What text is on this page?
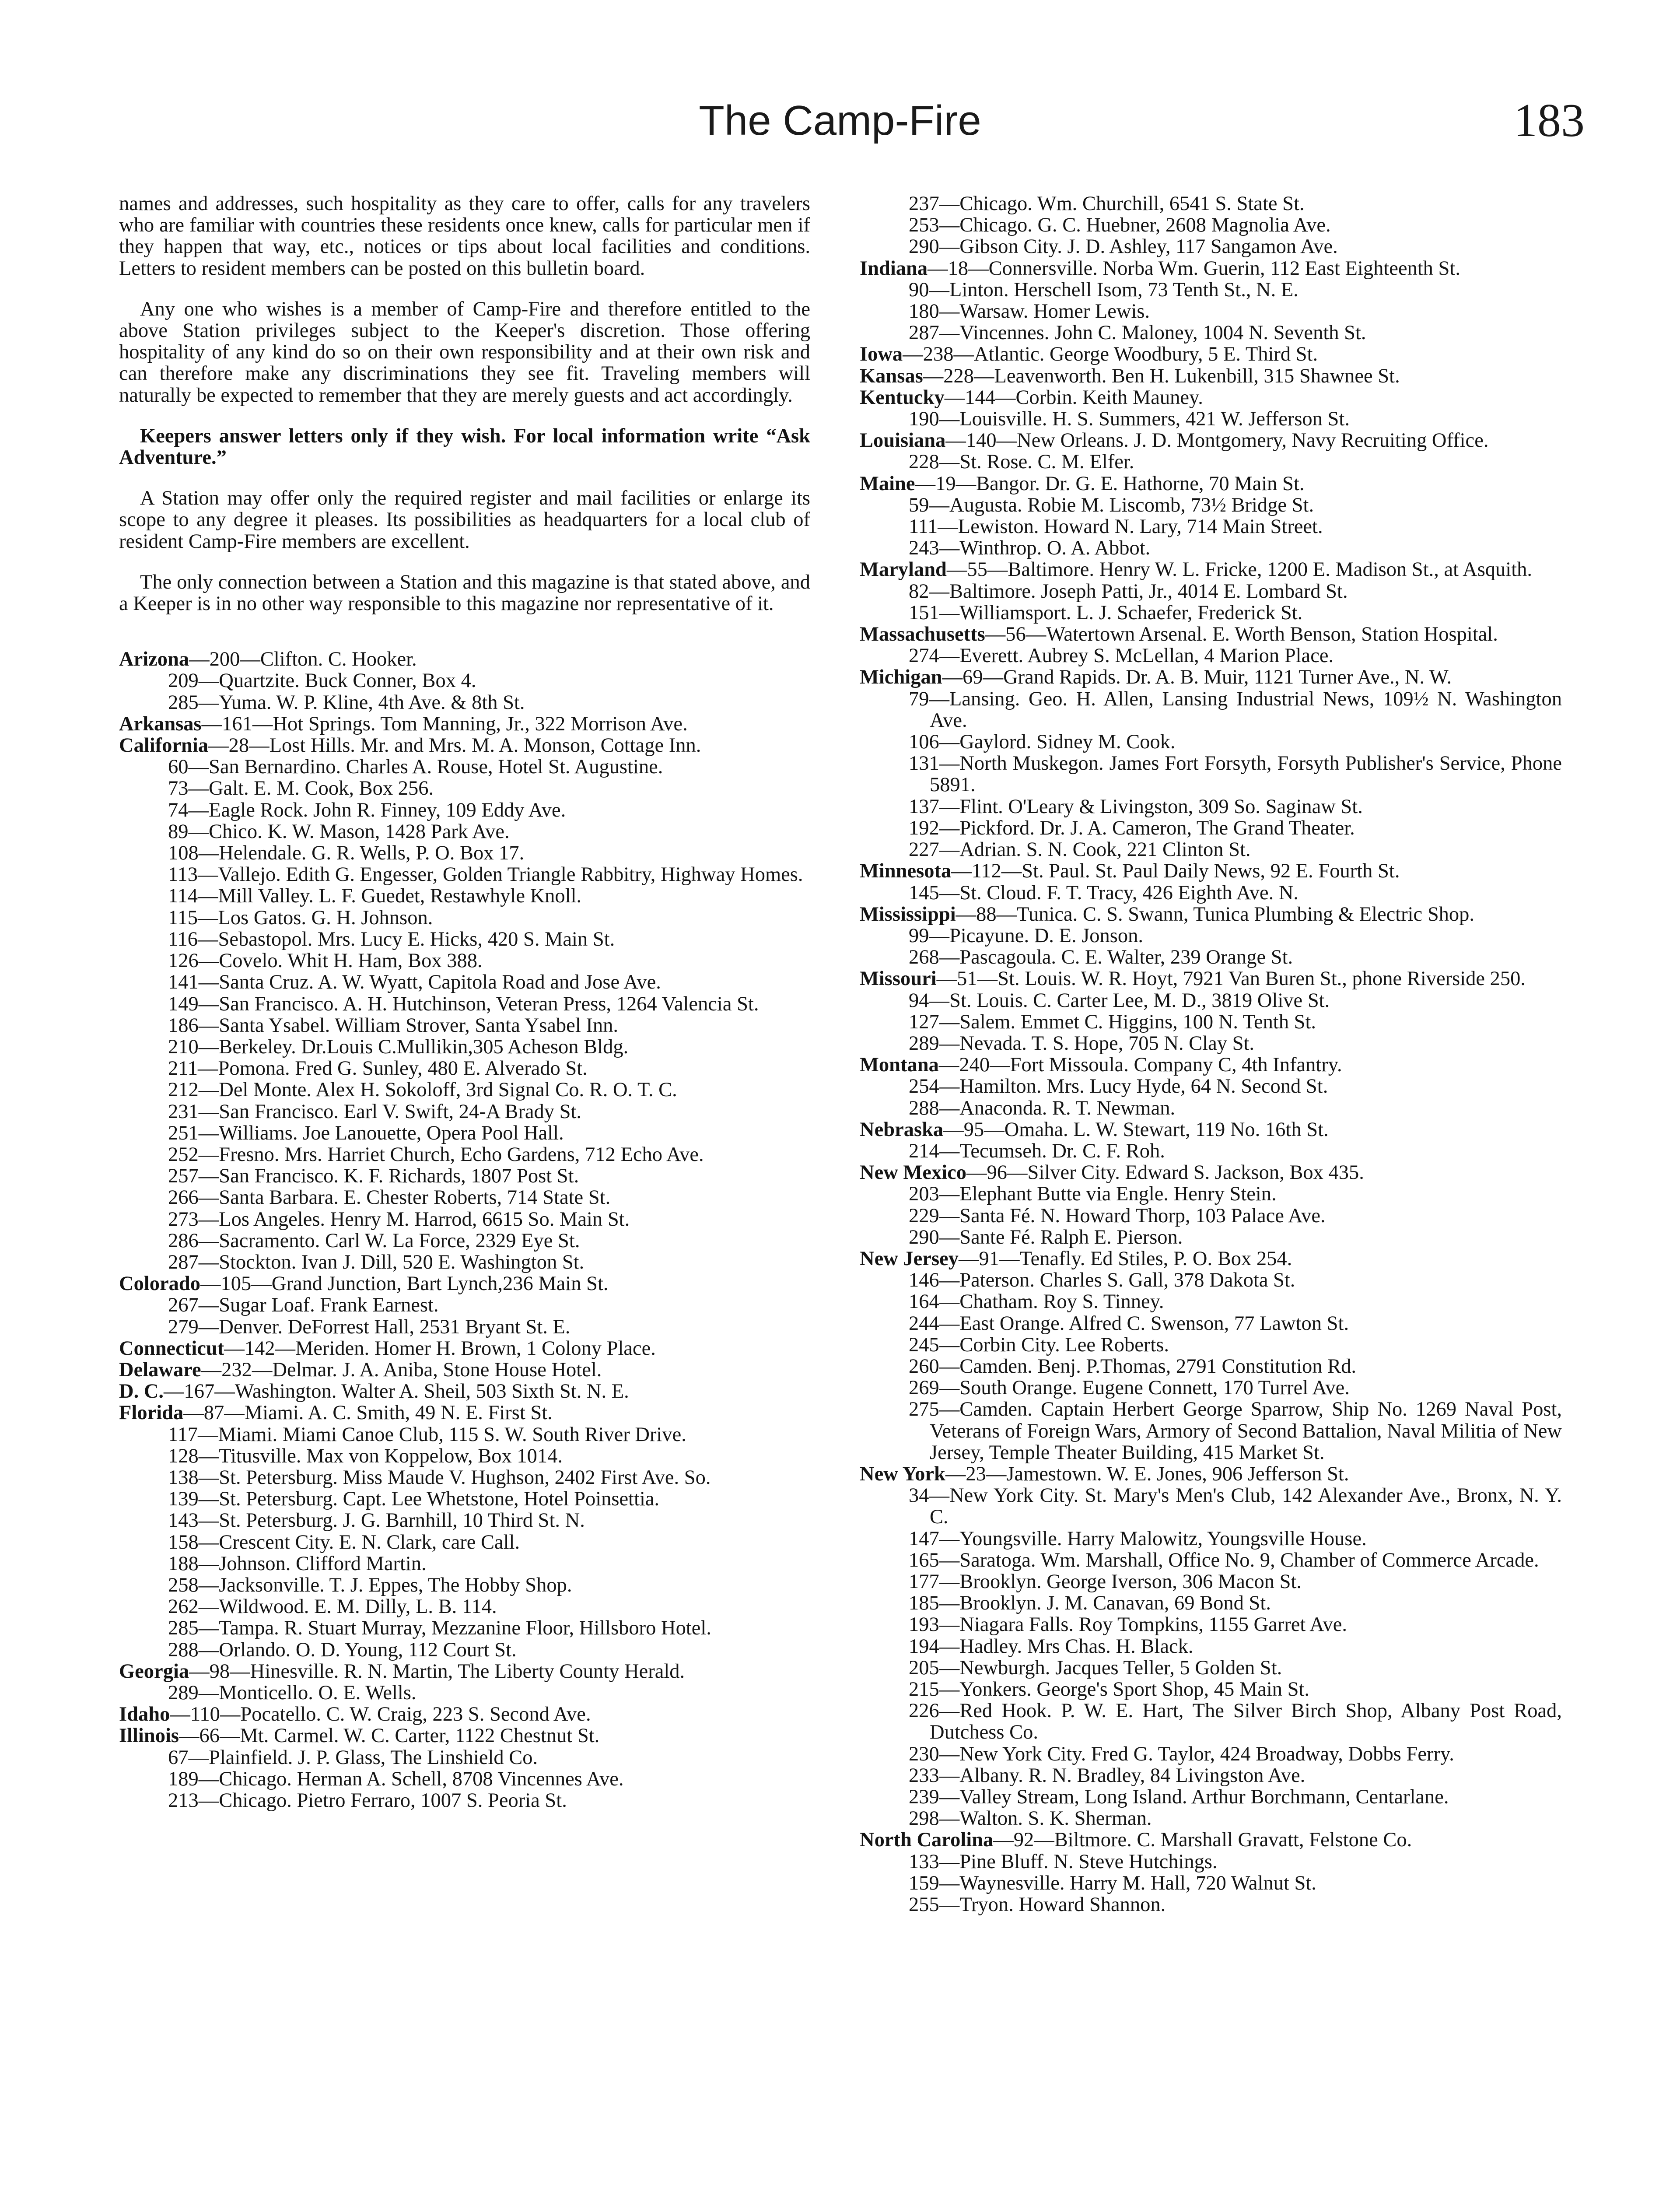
The Camp-Fire	183

names and addresses, such hospitality as they care to offer, calls for any travelers who are familiar with countries these residents once knew, calls for particular men if they happen that way, etc., notices or tips about local facilities and conditions. Letters to resident members can be posted on this bulletin board.

Any one who wishes is a member of Camp-Fire and therefore entitled to the above Station privileges subject to the Keeper's discretion. Those offering hospitality of any kind do so on their own responsibility and at their own risk and can therefore make any discriminations they see fit. Traveling members will naturally be expected to remember that they are merely guests and act accordingly.

Keepers answer letters only if they wish. For local information write “Ask Adventure.”

A Station may offer only the required register and mail facilities or enlarge its scope to any degree it pleases. Its possibilities as headquarters for a local club of resident Camp-Fire members are excellent.

The only connection between a Station and this magazine is that stated above, and a Keeper is in no other way responsible to this magazine nor representative of it.

Arizona—200—Clifton. C. Hooker.

209—Quartzite. Buck Conner, Box 4.

285—Yuma. W. P. Kline, 4th Ave. & 8th St.

Arkansas—161—Hot Springs. Tom Manning, Jr., 322 Morrison Ave.

California—28—Lost Hills. Mr. and Mrs. M. A. Monson, Cottage Inn.

60—San Bernardino. Charles A. Rouse, Hotel St. Augustine.

73—Galt. E. M. Cook, Box 256.

74—Eagle Rock. John R. Finney, 109 Eddy Ave.

89—Chico. K. W. Mason, 1428 Park Ave.

108—Helendale. G. R. Wells, P. O. Box 17.

113—Vallejo. Edith G. Engesser, Golden Triangle Rabbitry, Highway Homes.

114—Mill Valley. L. F. Guedet, Restawhyle Knoll.

115—Los Gatos. G. H. Johnson.

116—Sebastopol. Mrs. Lucy E. Hicks, 420 S. Main St.

126—Covelo. Whit H. Ham, Box 388.

141—Santa Cruz. A. W. Wyatt, Capitola Road and Jose Ave.

149—San Francisco. A. H. Hutchinson, Veteran Press, 1264 Valencia St.

186—Santa Ysabel. William Strover, Santa Ysabel Inn.

210—Berkeley. Dr.Louis C.Mullikin,305 Acheson Bldg.

211—Pomona. Fred G. Sunley, 480 E. Alverado St.

212—Del Monte. Alex H. Sokoloff, 3rd Signal Co. R. O. T. C.

231—San Francisco. Earl V. Swift, 24-A Brady St.

251—Williams. Joe Lanouette, Opera Pool Hall.

252—Fresno. Mrs. Harriet Church, Echo Gardens, 712 Echo Ave.

257—San Francisco. K. F. Richards, 1807 Post St.

266—Santa Barbara. E. Chester Roberts, 714 State St.

273—Los Angeles. Henry M. Harrod, 6615 So. Main St.

286—Sacramento. Carl W. La Force, 2329 Eye St.

287—Stockton. Ivan J. Dill, 520 E. Washington St.

Colorado—105—Grand Junction, Bart Lynch,236 Main St.

267—Sugar Loaf. Frank Earnest.

279—Denver. DeForrest Hall, 2531 Bryant St. E.

Connecticut—142—Meriden. Homer H. Brown, 1 Colony Place.

Delaware—232—Delmar. J. A. Aniba, Stone House Hotel.

D. C.—167—Washington. Walter A. Sheil, 503 Sixth St. N. E.

Florida—87—Miami. A. C. Smith, 49 N. E. First St.

117—Miami. Miami Canoe Club, 115 S. W. South River Drive.

128—Titusville. Max von Koppelow, Box 1014.

138—St. Petersburg. Miss Maude V. Hughson, 2402 First Ave. So.

139—St. Petersburg. Capt. Lee Whetstone, Hotel Poinsettia.

143—St. Petersburg. J. G. Barnhill, 10 Third St. N.

158—Crescent City. E. N. Clark, care Call.

188—Johnson. Clifford Martin.

258—Jacksonville. T. J. Eppes, The Hobby Shop.

262—Wildwood. E. M. Dilly, L. B. 114.

285—Tampa. R. Stuart Murray, Mezzanine Floor, Hillsboro Hotel.

288—Orlando. O. D. Young, 112 Court St.

Georgia—98—Hinesville. R. N. Martin, The Liberty County Herald.

289—Monticello. O. E. Wells.

Idaho—110—Pocatello. C. W. Craig, 223 S. Second Ave.

Illinois—66—Mt. Carmel. W. C. Carter, 1122 Chestnut St.

67—Plainfield. J. P. Glass, The Linshield Co.

189—Chicago. Herman A. Schell, 8708 Vincennes Ave.

213—Chicago. Pietro Ferraro, 1007 S. Peoria St.

237—Chicago. Wm. Churchill, 6541 S. State St.

253—Chicago. G. C. Huebner, 2608 Magnolia Ave.

290—Gibson City. J. D. Ashley, 117 Sangamon Ave.

Indiana—18—Connersville. Norba Wm. Guerin, 112 East Eighteenth St.

90—Linton. Herschell Isom, 73 Tenth St., N. E.

180—Warsaw. Homer Lewis.

287—Vincennes. John C. Maloney, 1004 N. Seventh St.

Iowa—238—Atlantic. George Woodbury, 5 E. Third St.

Kansas—228—Leavenworth. Ben H. Lukenbill, 315 Shawnee St.

Kentucky—144—Corbin. Keith Mauney.

190—Louisville. H. S. Summers, 421 W. Jefferson St.

Louisiana—140—New Orleans. J. D. Montgomery, Navy Recruiting Office.

228—St. Rose. C. M. Elfer.

Maine—19—Bangor. Dr. G. E. Hathorne, 70 Main St.

59—Augusta. Robie M. Liscomb, 73½ Bridge St.

111—Lewiston. Howard N. Lary, 714 Main Street.

243—Winthrop. O. A. Abbot.

Maryland—55—Baltimore. Henry W. L. Fricke, 1200 E. Madison St., at Asquith.

82—Baltimore. Joseph Patti, Jr., 4014 E. Lombard St.

151—Williamsport. L. J. Schaefer, Frederick St.

Massachusetts—56—Watertown Arsenal. E. Worth Benson, Station Hospital.

274—Everett. Aubrey S. McLellan, 4 Marion Place.

Michigan—69—Grand Rapids. Dr. A. B. Muir, 1121 Turner Ave., N. W.

79—Lansing. Geo. H. Allen, Lansing Industrial News, 109½ N. Washington Ave.

106—Gaylord. Sidney M. Cook.

131—North Muskegon. James Fort Forsyth, Forsyth Publisher's Service, Phone 5891.

137—Flint. O'Leary & Livingston, 309 So. Saginaw St.

192—Pickford. Dr. J. A. Cameron, The Grand Theater.

227—Adrian. S. N. Cook, 221 Clinton St.

Minnesota—112—St. Paul. St. Paul Daily News, 92 E. Fourth St.

145—St. Cloud. F. T. Tracy, 426 Eighth Ave. N.

Mississippi—88—Tunica. C. S. Swann, Tunica Plumbing & Electric Shop.

99—Picayune. D. E. Jonson.

268—Pascagoula. C. E. Walter, 239 Orange St.

Missouri—51—St. Louis. W. R. Hoyt, 7921 Van Buren St., phone Riverside 250.

94—St. Louis. C. Carter Lee, M. D., 3819 Olive St.

127—Salem. Emmet C. Higgins, 100 N. Tenth St.

289—Nevada. T. S. Hope, 705 N. Clay St.

Montana—240—Fort Missoula. Company C, 4th Infantry.

254—Hamilton. Mrs. Lucy Hyde, 64 N. Second St.

288—Anaconda. R. T. Newman.

Nebraska—95—Omaha. L. W. Stewart, 119 No. 16th St.

214—Tecumseh. Dr. C. F. Roh.

New Mexico—96—Silver City. Edward S. Jackson, Box 435.

203—Elephant Butte via Engle. Henry Stein.

229—Santa Fé. N. Howard Thorp, 103 Palace Ave.

290—Sante Fé. Ralph E. Pierson.

New Jersey—91—Tenafly. Ed Stiles, P. O. Box 254.

146—Paterson. Charles S. Gall, 378 Dakota St.

164—Chatham. Roy S. Tinney.

244—East Orange. Alfred C. Swenson, 77 Lawton St.

245—Corbin City. Lee Roberts.

260—Camden. Benj. P.Thomas, 2791 Constitution Rd.

269—South Orange. Eugene Connett, 170 Turrel Ave.

275—Camden. Captain Herbert George Sparrow, Ship No. 1269 Naval Post, Veterans of Foreign Wars, Armory of Second Battalion, Naval Militia of New Jersey, Temple Theater Building, 415 Market St.

New York—23—Jamestown. W. E. Jones, 906 Jefferson St.

34—New York City. St. Mary's Men's Club, 142 Alexander Ave., Bronx, N. Y. C.

147—Youngsville. Harry Malowitz, Youngsville House.

165—Saratoga. Wm. Marshall, Office No. 9, Chamber of Commerce Arcade.

177—Brooklyn. George Iverson, 306 Macon St.

185—Brooklyn. J. M. Canavan, 69 Bond St.

193—Niagara Falls. Roy Tompkins, 1155 Garret Ave.

194—Hadley. Mrs Chas. H. Black.

205—Newburgh. Jacques Teller, 5 Golden St.

215—Yonkers. George's Sport Shop, 45 Main St.

226—Red Hook. P. W. E. Hart, The Silver Birch Shop, Albany Post Road, Dutchess Co.

230—New York City. Fred G. Taylor, 424 Broadway, Dobbs Ferry.

233—Albany. R. N. Bradley, 84 Livingston Ave.

239—Valley Stream, Long Island. Arthur Borchmann, Centarlane.

298—Walton. S. K. Sherman.

North Carolina—92—Biltmore. C. Marshall Gravatt, Felstone Co.

133—Pine Bluff. N. Steve Hutchings.

159—Waynesville. Harry M. Hall, 720 Walnut St.

255—Tryon. Howard Shannon.
